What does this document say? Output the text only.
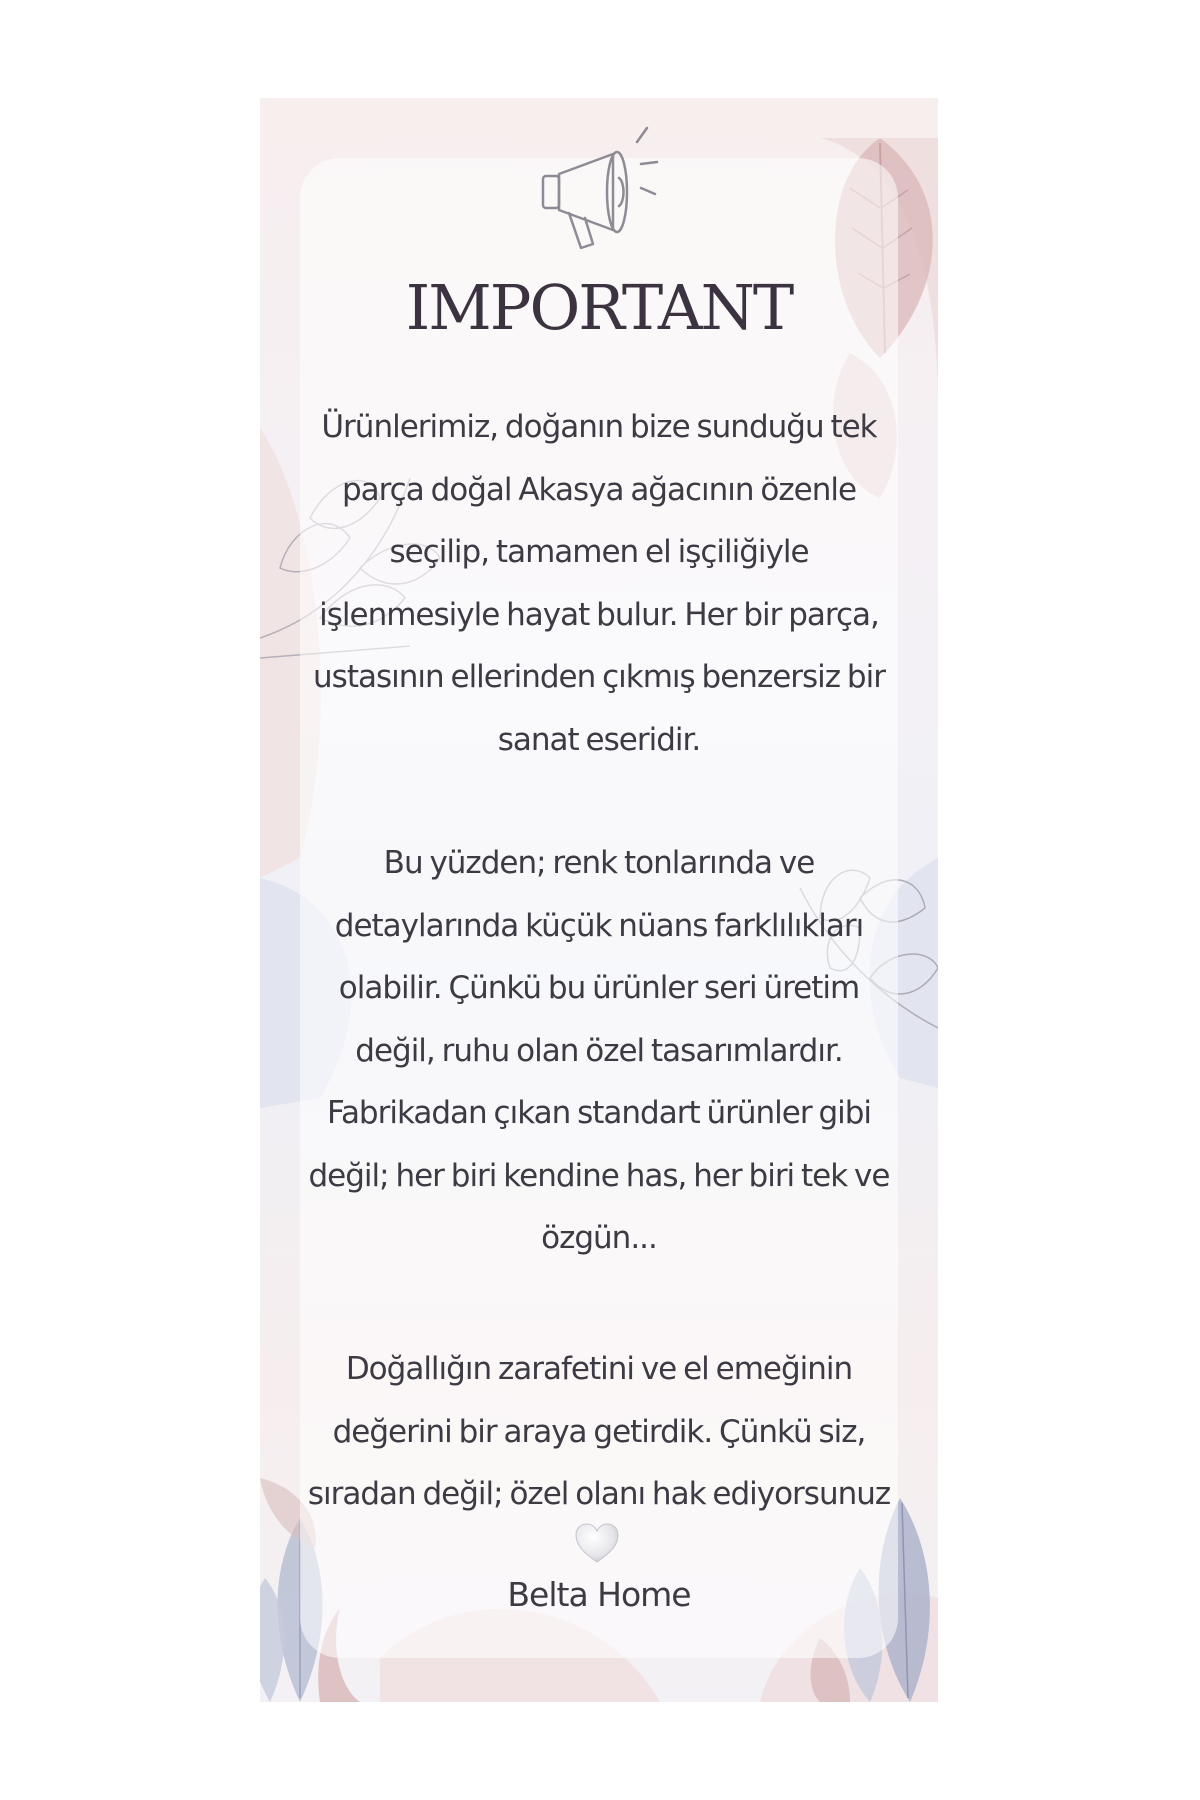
IMPORTANT
Ürünlerimiz, doğanın bize sunduğu tek
parça doğal Akasya ağacının özenle
seçilip, tamamen el işçiliğiyle
işlenmesiyle hayat bulur. Her bir parça,
ustasının ellerinden çıkmış benzersiz bir
sanat eseridir.
Bu yüzden; renk tonlarında ve
detaylarında küçük nüans farklılıkları
olabilir. Çünkü bu ürünler seri üretim
değil, ruhu olan özel tasarımlardır.
Fabrikadan çıkan standart ürünler gibi
değil; her biri kendine has, her biri tek ve
özgün...
Doğallığın zarafetini ve el emeğinin
değerini bir araya getirdik. Çünkü siz,
sıradan değil; özel olanı hak ediyorsunuz
Belta Home
